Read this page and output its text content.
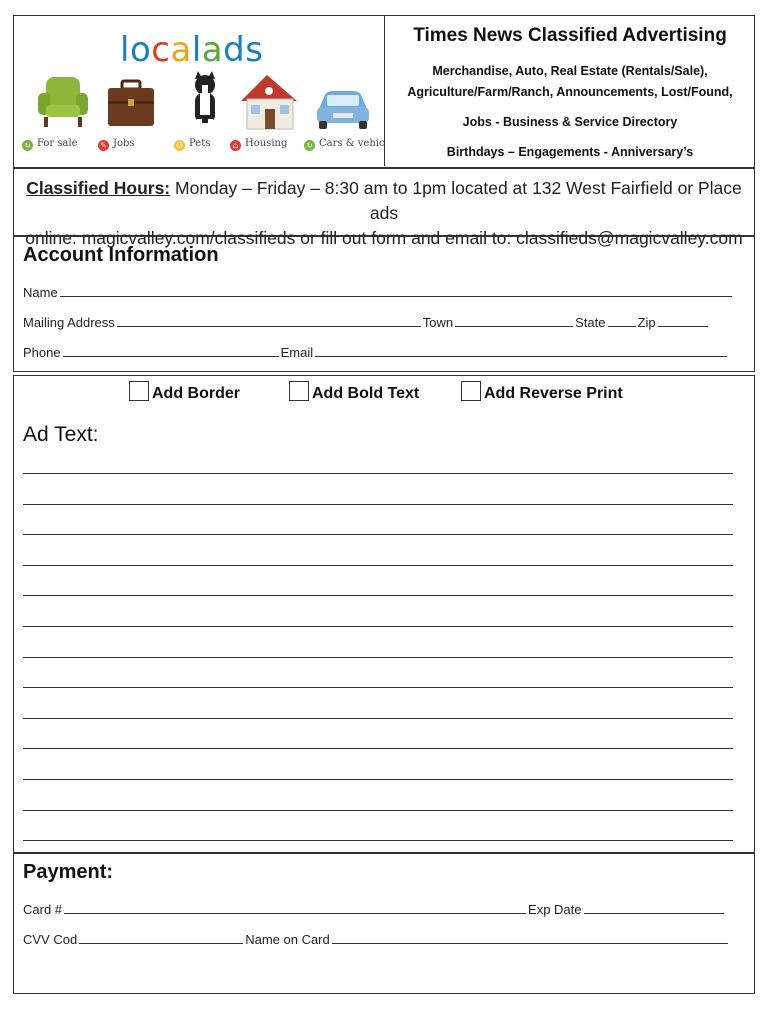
localads
↻ For sale	✎ Jobs	☺ Pets	⌂ Housing	↻ Cars & vehic
Times News Classified Advertising
Merchandise, Auto, Real Estate (Rentals/Sale),
Agriculture/Farm/Ranch, Announcements, Lost/Found,
Jobs - Business & Service Directory
Birthdays – Engagements - Anniversary’s
Classified Hours: Monday – Friday – 8:30 am to 1pm located at 132 West Fairfield or Place ads
online: magicvalley.com/classifieds or fill out form and email to: classifieds@magicvalley.com
Account Information
Name
Mailing Address	Town	State Zip
Phone	Email
Add Border	Add Bold Text	Add Reverse Print
Ad Text:
Payment:
Card #	Exp Date
CVV Cod	Name on Card
